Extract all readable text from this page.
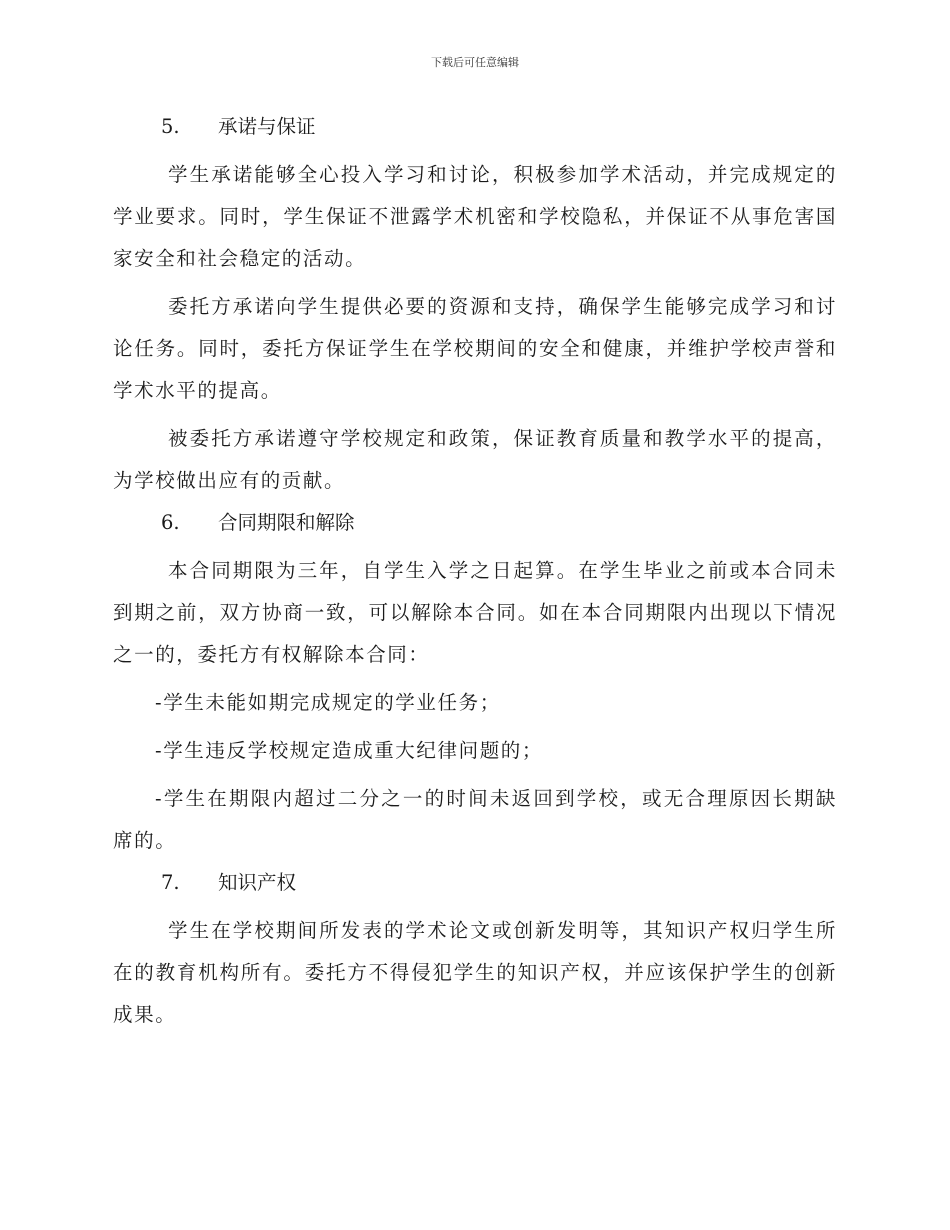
下载后可任意编辑
5. 承诺与保证

学生承诺能够全心投入学习和讨论，积极参加学术活动，并完成规定的学业要求。同时，学生保证不泄露学术机密和学校隐私，并保证不从事危害国家安全和社会稳定的活动。

委托方承诺向学生提供必要的资源和支持，确保学生能够完成学习和讨论任务。同时，委托方保证学生在学校期间的安全和健康，并维护学校声誉和学术水平的提高。

被委托方承诺遵守学校规定和政策，保证教育质量和教学水平的提高，为学校做出应有的贡献。

6. 合同期限和解除

本合同期限为三年，自学生入学之日起算。在学生毕业之前或本合同未到期之前，双方协商一致，可以解除本合同。如在本合同期限内出现以下情况之一的，委托方有权解除本合同：

-学生未能如期完成规定的学业任务；

-学生违反学校规定造成重大纪律问题的；

-学生在期限内超过二分之一的时间未返回到学校，或无合理原因长期缺席的。

7. 知识产权

学生在学校期间所发表的学术论文或创新发明等，其知识产权归学生所在的教育机构所有。委托方不得侵犯学生的知识产权，并应该保护学生的创新成果。
